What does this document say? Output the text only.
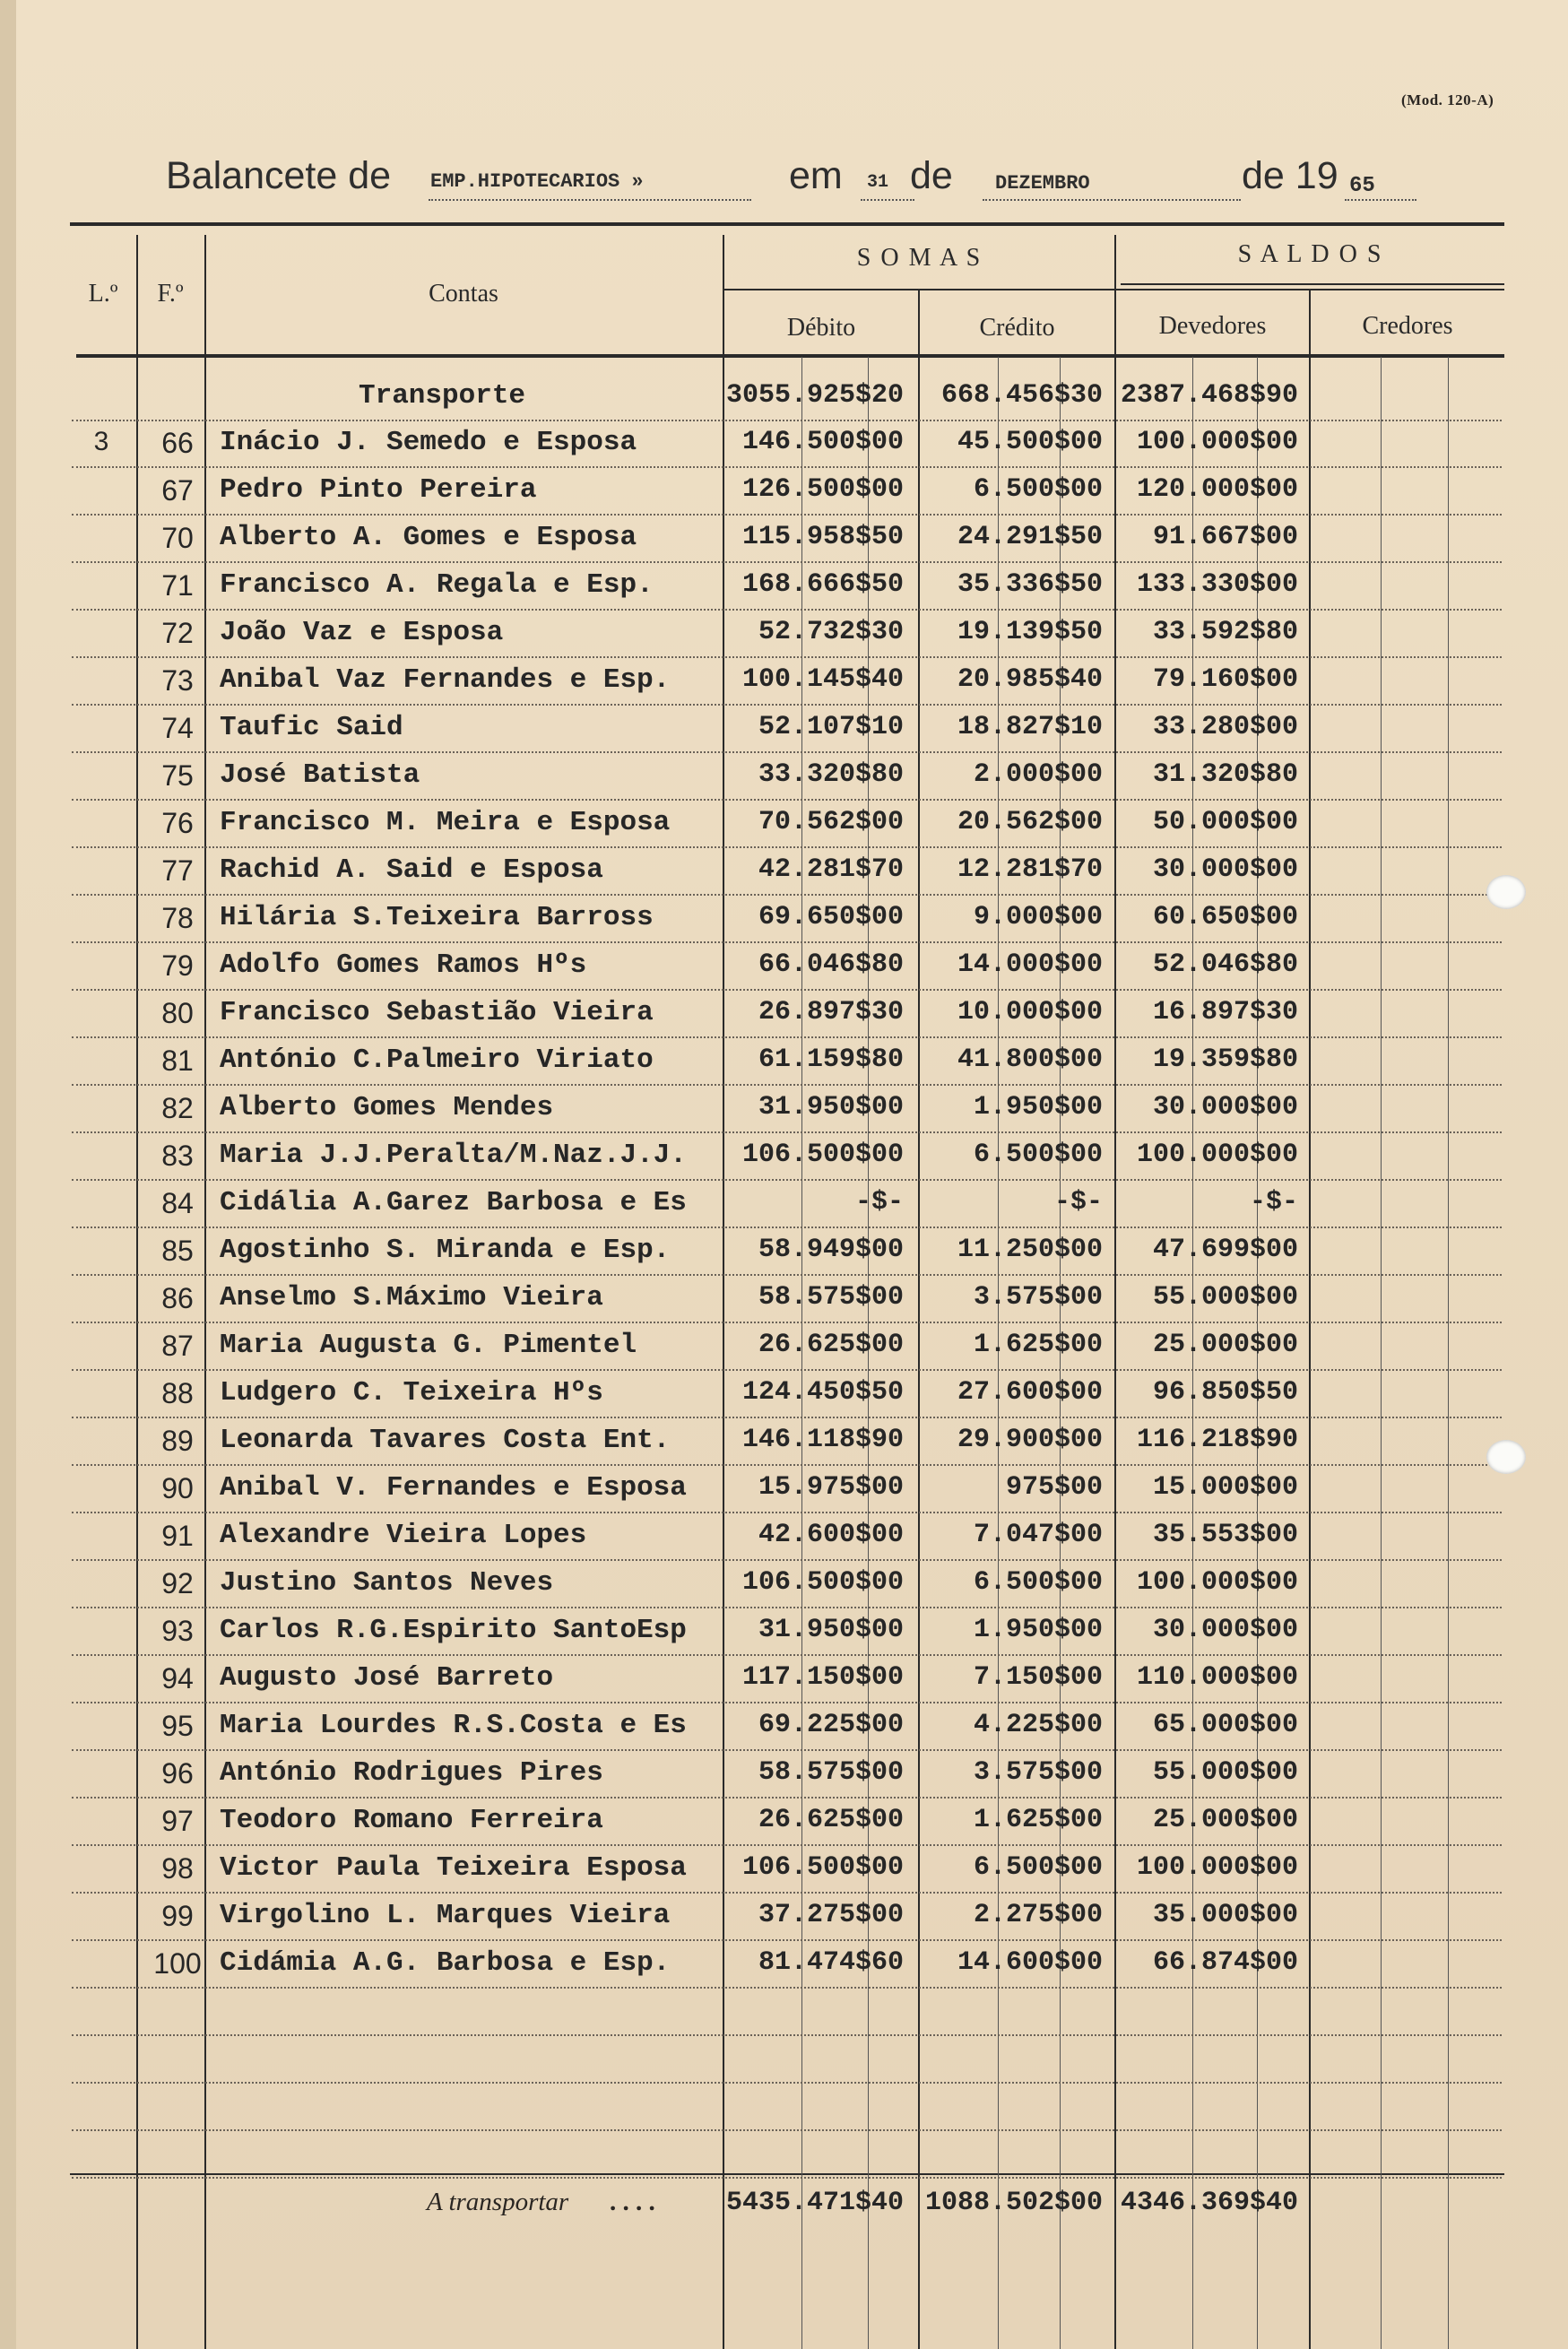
(Mod. 120-A)
Balancete de EMP.HIPOTECARIOS »	em 31 de DEZEMBRO	de 19 65
L.º	F.º	Contas
S O M A S	S A L D O S
Débito	Crédito	Devedores	Credores
Transporte	3055.925$20	668.456$30 2387.468$90
3	66 Inácio J. Semedo e Esposa	146.500$00	45.500$00	100.000$00
67 Pedro Pinto Pereira	126.500$00	6.500$00	120.000$00
70 Alberto A. Gomes e Esposa	115.958$50	24.291$50	91.667$00
71 Francisco A. Regala e Esp.	168.666$50	35.336$50	133.330$00
72 João Vaz e Esposa	52.732$30	19.139$50	33.592$80
73 Anibal Vaz Fernandes e Esp.	100.145$40	20.985$40	79.160$00
74 Taufic Said	52.107$10	18.827$10	33.280$00
75 José Batista	33.320$80	2.000$00	31.320$80
76 Francisco M. Meira e Esposa	70.562$00	20.562$00	50.000$00
77 Rachid A. Said e Esposa	42.281$70	12.281$70	30.000$00
78 Hilária S.Teixeira Barross	69.650$00	9.000$00	60.650$00
79 Adolfo Gomes Ramos Hºs	66.046$80	14.000$00	52.046$80
80 Francisco Sebastião Vieira	26.897$30	10.000$00	16.897$30
81 António C.Palmeiro Viriato	61.159$80	41.800$00	19.359$80
82 Alberto Gomes Mendes	31.950$00	1.950$00	30.000$00
83 Maria J.J.Peralta/M.Naz.J.J.	106.500$00	6.500$00	100.000$00
84 Cidália A.Garez Barbosa e Es	-$-	-$-	-$-
85 Agostinho S. Miranda e Esp.	58.949$00	11.250$00	47.699$00
86 Anselmo S.Máximo Vieira	58.575$00	3.575$00	55.000$00
87 Maria Augusta G. Pimentel	26.625$00	1.625$00	25.000$00
88 Ludgero C. Teixeira Hºs	124.450$50	27.600$00	96.850$50
89 Leonarda Tavares Costa Ent.	146.118$90	29.900$00	116.218$90
90 Anibal V. Fernandes e Esposa	15.975$00	975$00	15.000$00
91 Alexandre Vieira Lopes	42.600$00	7.047$00	35.553$00
92 Justino Santos Neves	106.500$00	6.500$00	100.000$00
93 Carlos R.G.Espirito SantoEsp	31.950$00	1.950$00	30.000$00
94 Augusto José Barreto	117.150$00	7.150$00	110.000$00
95 Maria Lourdes R.S.Costa e Es	69.225$00	4.225$00	65.000$00
96 António Rodrigues Pires	58.575$00	3.575$00	55.000$00
97 Teodoro Romano Ferreira	26.625$00	1.625$00	25.000$00
98 Victor Paula Teixeira Esposa	106.500$00	6.500$00	100.000$00
99 Virgolino L. Marques Vieira	37.275$00	2.275$00	35.000$00
100 Cidámia A.G. Barbosa e Esp.	81.474$60	14.600$00	66.874$00
A transportar . . . .	5435.471$40 1088.502$00 4346.369$40
